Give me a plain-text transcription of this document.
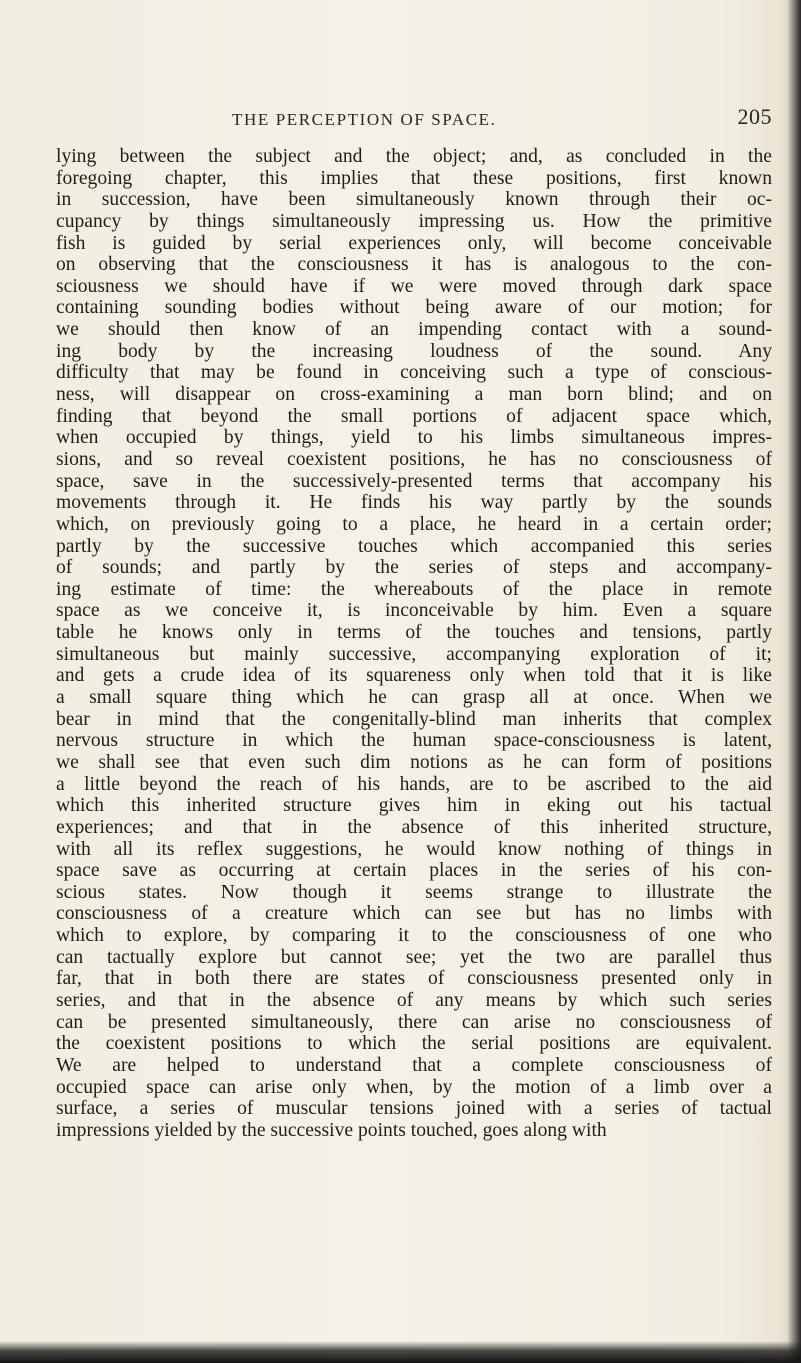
THE PERCEPTION OF SPACE.	205
lying between the subject and the object; and, as concluded in the
foregoing chapter, this implies that these positions, first known
in succession, have been simultaneously known through their oc-
cupancy by things simultaneously impressing us. How the primitive
fish is guided by serial experiences only, will become conceivable
on observing that the consciousness it has is analogous to the con-
sciousness we should have if we were moved through dark space
containing sounding bodies without being aware of our motion; for
we should then know of an impending contact with a sound-
ing body by the increasing loudness of the sound. Any
difficulty that may be found in conceiving such a type of conscious-
ness, will disappear on cross-examining a man born blind; and on
finding that beyond the small portions of adjacent space which,
when occupied by things, yield to his limbs simultaneous impres-
sions, and so reveal coexistent positions, he has no consciousness of
space, save in the successively-presented terms that accompany his
movements through it. He finds his way partly by the sounds
which, on previously going to a place, he heard in a certain order;
partly by the successive touches which accompanied this series
of sounds; and partly by the series of steps and accompany-
ing estimate of time: the whereabouts of the place in remote
space as we conceive it, is inconceivable by him. Even a square
table he knows only in terms of the touches and tensions, partly
simultaneous but mainly successive, accompanying exploration of it;
and gets a crude idea of its squareness only when told that it is like
a small square thing which he can grasp all at once. When we
bear in mind that the congenitally-blind man inherits that complex
nervous structure in which the human space-consciousness is latent,
we shall see that even such dim notions as he can form of positions
a little beyond the reach of his hands, are to be ascribed to the aid
which this inherited structure gives him in eking out his tactual
experiences; and that in the absence of this inherited structure,
with all its reflex suggestions, he would know nothing of things in
space save as occurring at certain places in the series of his con-
scious states. Now though it seems strange to illustrate the
consciousness of a creature which can see but has no limbs with
which to explore, by comparing it to the consciousness of one who
can tactually explore but cannot see; yet the two are parallel thus
far, that in both there are states of consciousness presented only in
series, and that in the absence of any means by which such series
can be presented simultaneously, there can arise no consciousness of
the coexistent positions to which the serial positions are equivalent.
We are helped to understand that a complete consciousness of
occupied space can arise only when, by the motion of a limb over a
surface, a series of muscular tensions joined with a series of tactual
impressions yielded by the successive points touched, goes along with
